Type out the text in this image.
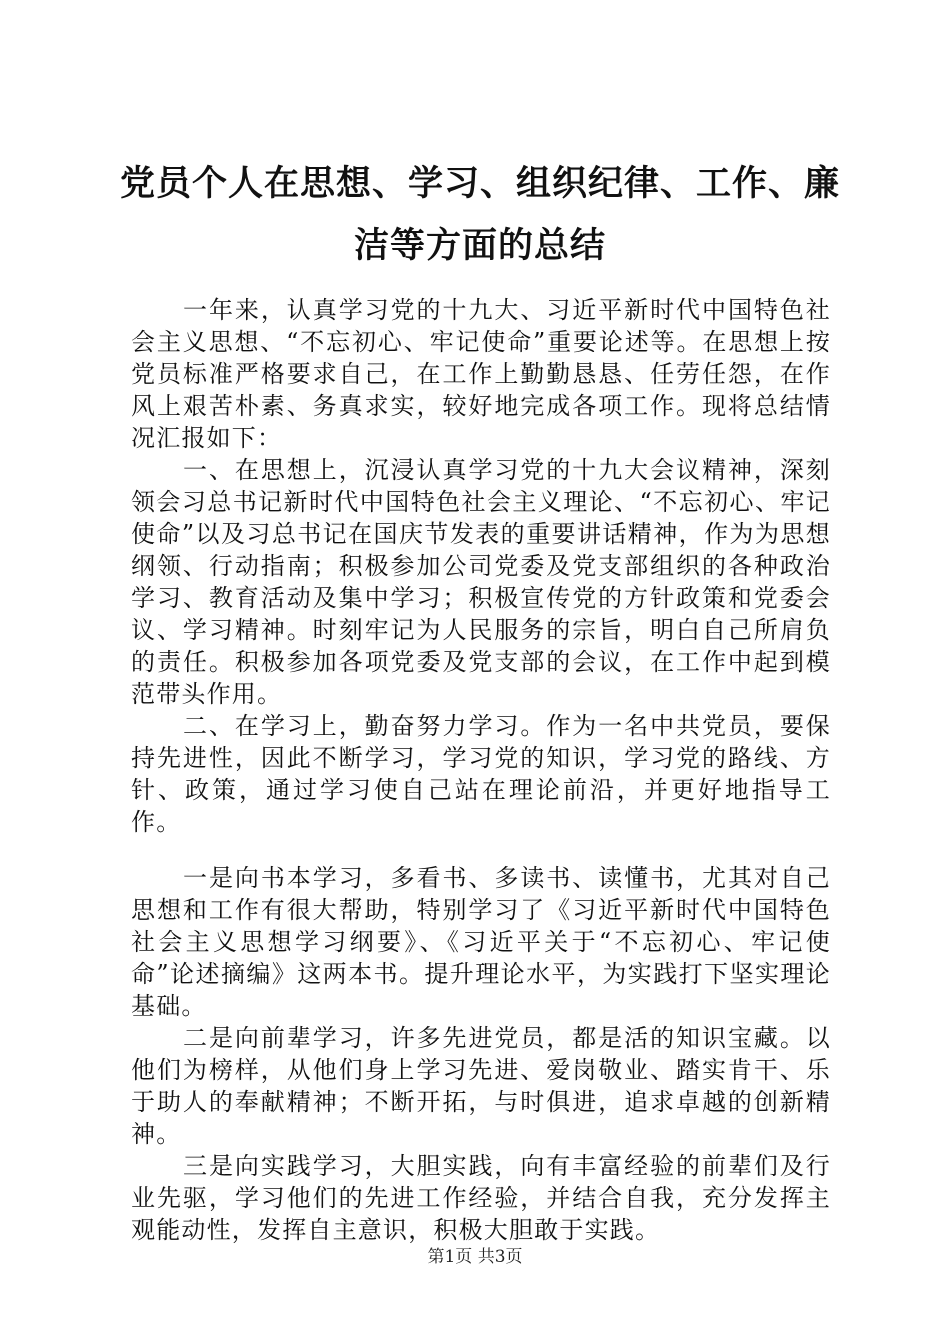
党员个人在思想、学习、组织纪律、工作、廉
洁等方面的总结

一年来，认真学习党的十九大、习近平新时代中国特色社会主义思想、“不忘初心、牢记使命”重要论述等。在思想上按党员标准严格要求自己，在工作上勤勤恳恳、任劳任怨，在作风上艰苦朴素、务真求实，较好地完成各项工作。现将总结情况汇报如下：

一、在思想上，沉浸认真学习党的十九大会议精神，深刻领会习总书记新时代中国特色社会主义理论、“不忘初心、牢记使命”以及习总书记在国庆节发表的重要讲话精神，作为为思想纲领、行动指南；积极参加公司党委及党支部组织的各种政治学习、教育活动及集中学习；积极宣传党的方针政策和党委会议、学习精神。时刻牢记为人民服务的宗旨，明白自己所肩负的责任。积极参加各项党委及党支部的会议，在工作中起到模范带头作用。

二、在学习上，勤奋努力学习。作为一名中共党员，要保持先进性，因此不断学习，学习党的知识，学习党的路线、方针、政策，通过学习使自己站在理论前沿，并更好地指导工作。

一是向书本学习，多看书、多读书、读懂书，尤其对自己思想和工作有很大帮助，特别学习了《习近平新时代中国特色社会主义思想学习纲要》、《习近平关于“不忘初心、牢记使命”论述摘编》这两本书。提升理论水平，为实践打下坚实理论基础。

二是向前辈学习，许多先进党员，都是活的知识宝藏。以他们为榜样，从他们身上学习先进、爱岗敬业、踏实肯干、乐于助人的奉献精神；不断开拓，与时俱进，追求卓越的创新精神。

三是向实践学习，大胆实践，向有丰富经验的前辈们及行业先驱，学习他们的先进工作经验，并结合自我，充分发挥主观能动性，发挥自主意识，积极大胆敢于实践。

第1页 共3页
